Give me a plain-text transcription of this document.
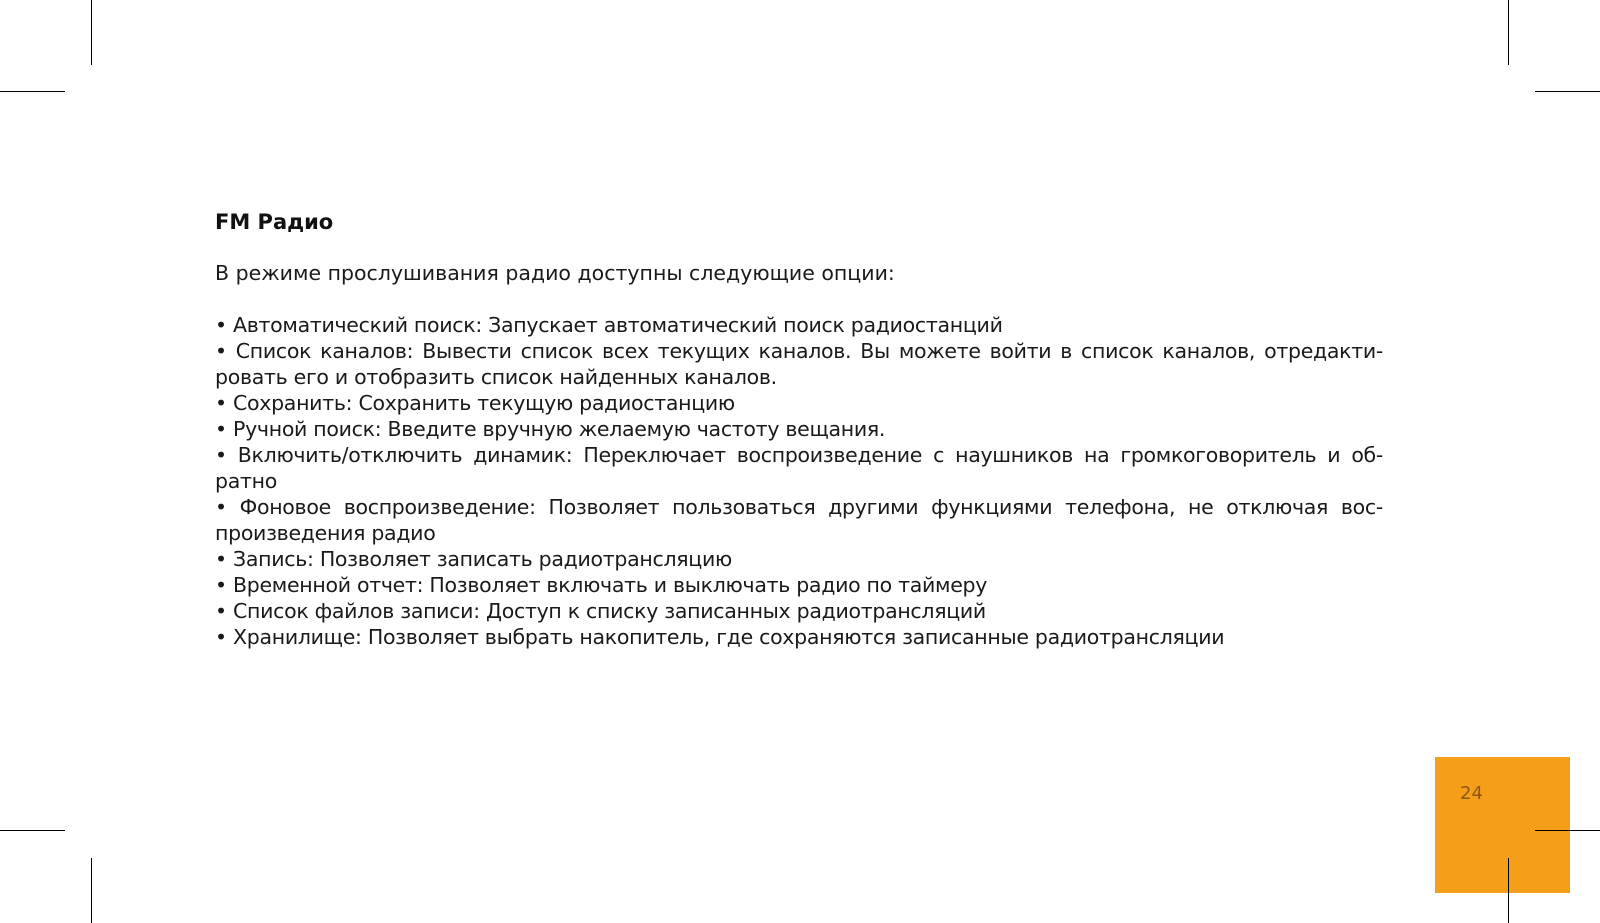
FM Радио

В режиме прослушивания радио доступны следующие опции:

• Автоматический поиск: Запускает автоматический поиск радиостанций
• Список каналов: Вывести список всех текущих каналов. Вы можете войти в список каналов, отредакти-ровать его и отобразить список найденных каналов.
• Сохранить: Сохранить текущую радиостанцию
• Ручной поиск: Введите вручную желаемую частоту вещания.
• Включить/отключить динамик: Переключает воспроизведение с наушников на громкоговоритель и об-ратно
• Фоновое воспроизведение: Позволяет пользоваться другими функциями телефона, не отключая вос-произведения радио
• Запись: Позволяет записать радиотрансляцию
• Временной отчет: Позволяет включать и выключать радио по таймеру
• Список файлов записи: Доступ к списку записанных радиотрансляций
• Хранилище: Позволяет выбрать накопитель, где сохраняются записанные радиотрансляции
24
